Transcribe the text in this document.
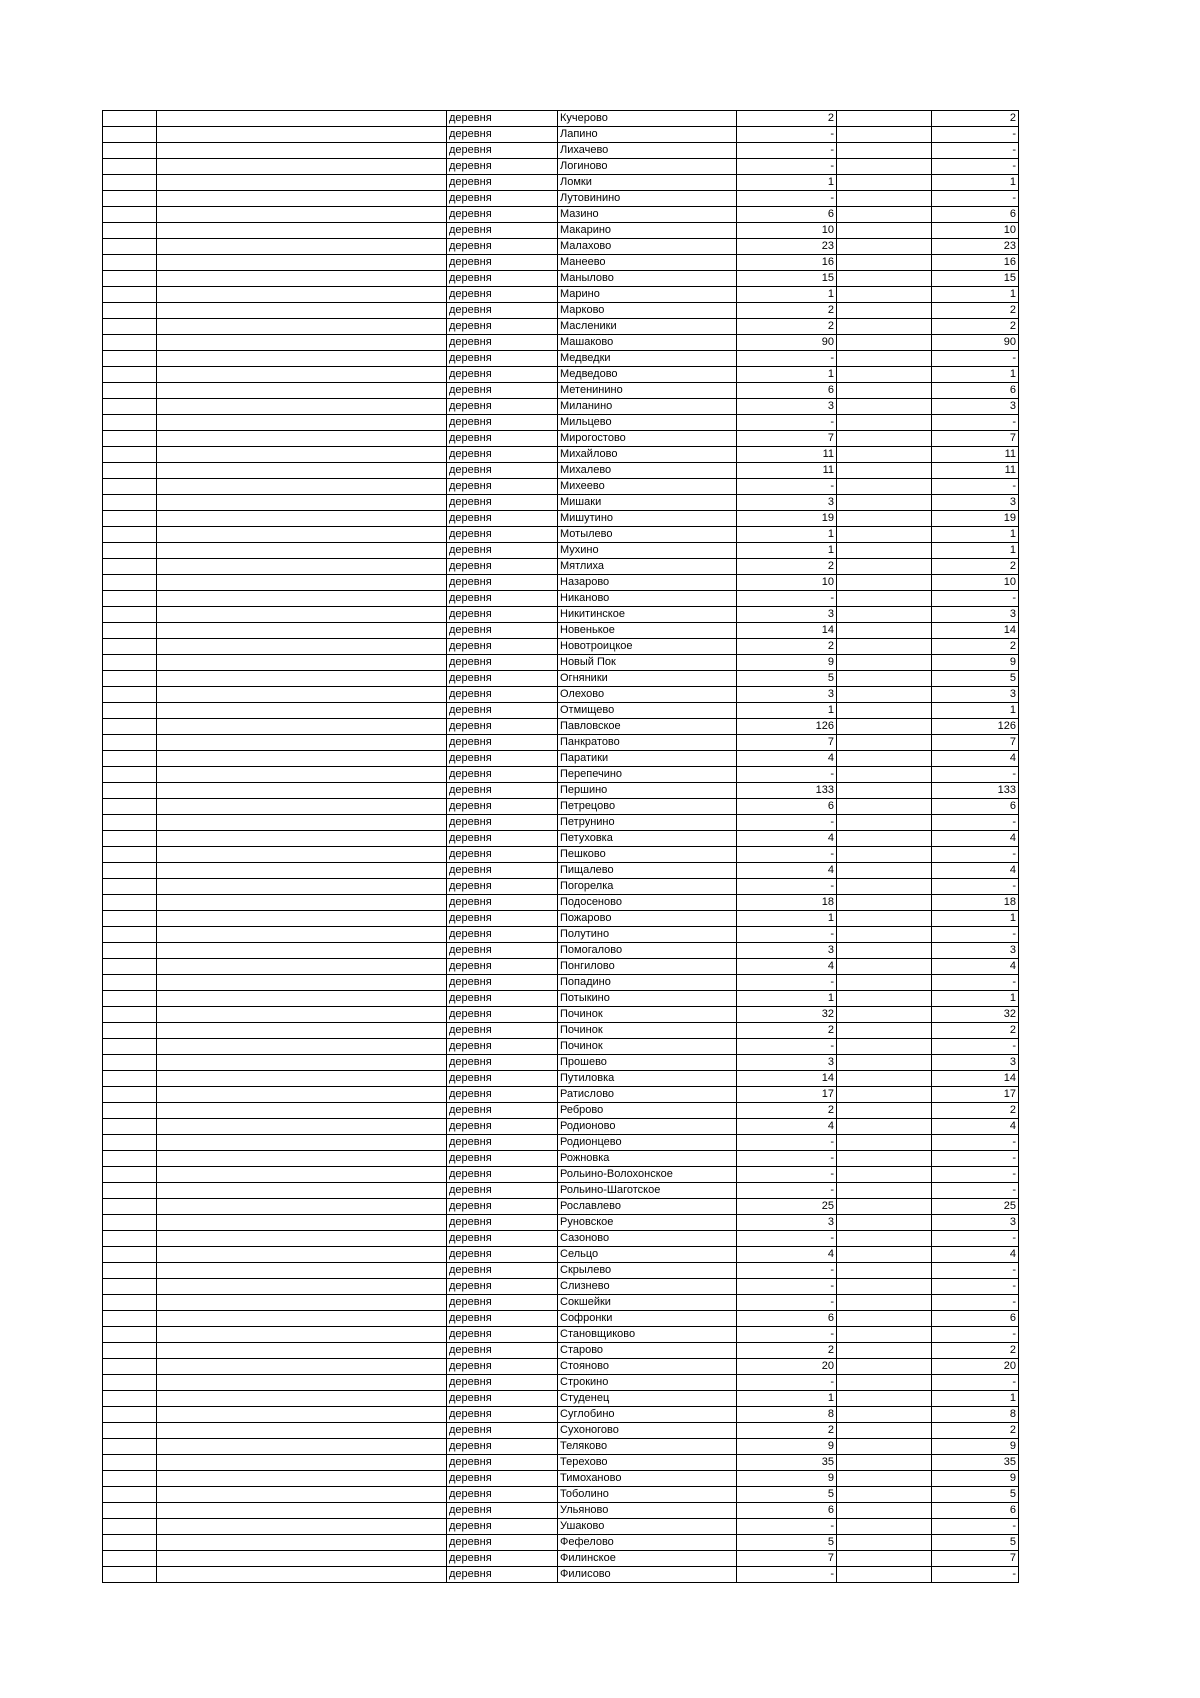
		деревня	Кучерово	2		2
		деревня	Лапино	-		-
		деревня	Лихачево	-		-
		деревня	Логиново	-		-
		деревня	Ломки	1		1
		деревня	Лутовинино	-		-
		деревня	Мазино	6		6
		деревня	Макарино	10		10
		деревня	Малахово	23		23
		деревня	Манеево	16		16
		деревня	Манылово	15		15
		деревня	Марино	1		1
		деревня	Марково	2		2
		деревня	Масленики	2		2
		деревня	Машаково	90		90
		деревня	Медведки	-		-
		деревня	Медведово	1		1
		деревня	Метенинино	6		6
		деревня	Миланино	3		3
		деревня	Мильцево	-		-
		деревня	Мирогостово	7		7
		деревня	Михайлово	11		11
		деревня	Михалево	11		11
		деревня	Михеево	-		-
		деревня	Мишаки	3		3
		деревня	Мишутино	19		19
		деревня	Мотылево	1		1
		деревня	Мухино	1		1
		деревня	Мятлиха	2		2
		деревня	Назарово	10		10
		деревня	Никаново	-		-
		деревня	Никитинское	3		3
		деревня	Новенькое	14		14
		деревня	Новотроицкое	2		2
		деревня	Новый Пок	9		9
		деревня	Огняники	5		5
		деревня	Олехово	3		3
		деревня	Отмищево	1		1
		деревня	Павловское	126		126
		деревня	Панкратово	7		7
		деревня	Паратики	4		4
		деревня	Перепечино	-		-
		деревня	Першино	133		133
		деревня	Петрецово	6		6
		деревня	Петрунино	-		-
		деревня	Петуховка	4		4
		деревня	Пешково	-		-
		деревня	Пищалево	4		4
		деревня	Погорелка	-		-
		деревня	Подосеново	18		18
		деревня	Пожарово	1		1
		деревня	Полутино	-		-
		деревня	Помогалово	3		3
		деревня	Понгилово	4		4
		деревня	Попадино	-		-
		деревня	Потыкино	1		1
		деревня	Починок	32		32
		деревня	Починок	2		2
		деревня	Починок	-		-
		деревня	Прошево	3		3
		деревня	Путиловка	14		14
		деревня	Ратислово	17		17
		деревня	Реброво	2		2
		деревня	Родионово	4		4
		деревня	Родионцево	-		-
		деревня	Рожновка	-		-
		деревня	Рольино-Волохонское	-		-
		деревня	Рольино-Шаготское	-		-
		деревня	Рославлево	25		25
		деревня	Руновское	3		3
		деревня	Сазоново	-		-
		деревня	Сельцо	4		4
		деревня	Скрылево	-		-
		деревня	Слизнево	-		-
		деревня	Сокшейки	-		-
		деревня	Софронки	6		6
		деревня	Становщиково	-		-
		деревня	Старово	2		2
		деревня	Стояново	20		20
		деревня	Строкино	-		-
		деревня	Студенец	1		1
		деревня	Суглобино	8		8
		деревня	Сухоногово	2		2
		деревня	Теляково	9		9
		деревня	Терехово	35		35
		деревня	Тимоханово	9		9
		деревня	Тоболино	5		5
		деревня	Ульяново	6		6
		деревня	Ушаково	-		-
		деревня	Фефелово	5		5
		деревня	Филинское	7		7
		деревня	Филисово	-		-
